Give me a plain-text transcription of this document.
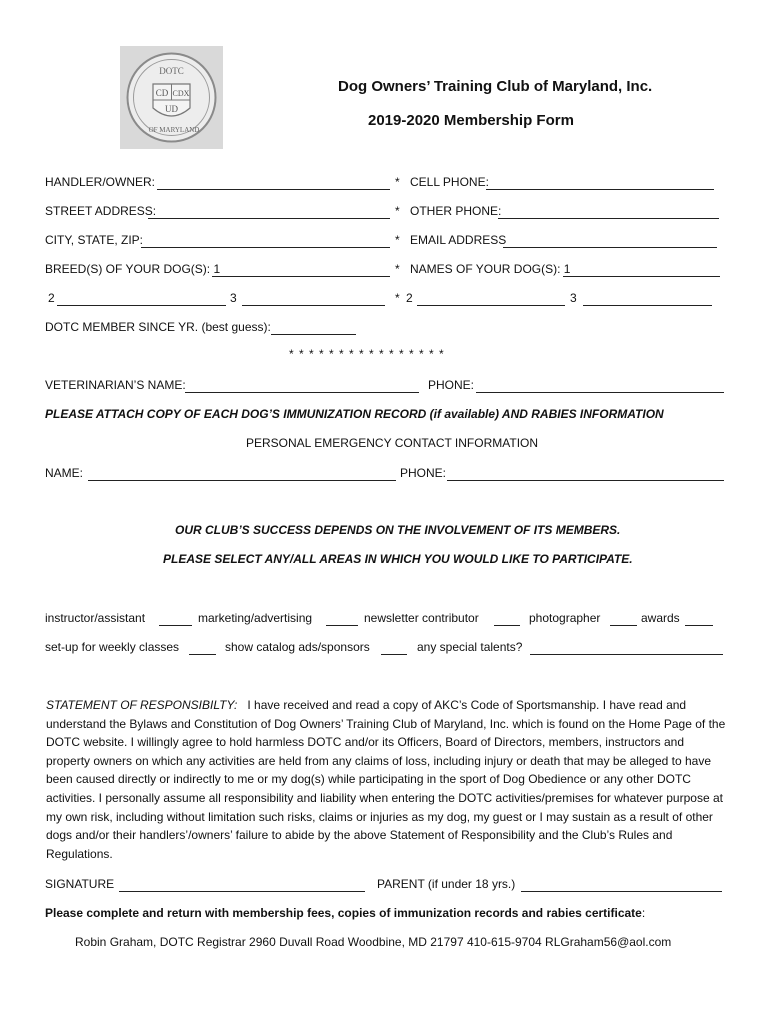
DOTC
CD CDX
UD
OF MARYLAND
Dog Owners’ Training Club of Maryland, Inc.
2019-2020 Membership Form
HANDLER/OWNER:	* CELL PHONE:
STREET ADDRESS:	* OTHER PHONE:
CITY, STATE, ZIP:	* EMAIL ADDRESS
BREED(S) OF YOUR DOG(S): 1	* NAMES OF YOUR DOG(S): 1
2	3	* 2	3
DOTC MEMBER SINCE YR. (best guess):
* * * * * * * * * * * * * * * *
VETERINARIAN’S NAME:	PHONE:
PLEASE ATTACH COPY OF EACH DOG’S IMMUNIZATION RECORD (if available) AND RABIES INFORMATION
PERSONAL EMERGENCY CONTACT INFORMATION
NAME:	PHONE:
OUR CLUB’S SUCCESS DEPENDS ON THE INVOLVEMENT OF ITS MEMBERS.
PLEASE SELECT ANY/ALL AREAS IN WHICH YOU WOULD LIKE TO PARTICIPATE.
instructor/assistant	marketing/advertising	newsletter contributor	photographer	awards
set-up for weekly classes	show catalog ads/sponsors	any special talents?
STATEMENT OF RESPONSIBILTY: I have received and read a copy of AKC’s Code of Sportsmanship. I have read and understand the Bylaws and Constitution of Dog Owners’ Training Club of Maryland, Inc. which is found on the Home Page of the DOTC website. I willingly agree to hold harmless DOTC and/or its Officers, Board of Directors, members, instructors and property owners on which any activities are held from any claims of loss, including injury or death that may be alleged to have been caused directly or indirectly to me or my dog(s) while participating in the sport of Dog Obedience or any other DOTC activities. I personally assume all responsibility and liability when entering the DOTC activities/premises for whatever purpose at my own risk, including without limitation such risks, claims or injuries as my dog, my guest or I may sustain as a result of other dogs and/or their handlers’/owners’ failure to abide by the above Statement of Responsibility and the Club’s Rules and Regulations.
SIGNATURE	PARENT (if under 18 yrs.)
Please complete and return with membership fees, copies of immunization records and rabies certificate:
Robin Graham, DOTC Registrar 2960 Duvall Road Woodbine, MD 21797 410-615-9704 RLGraham56@aol.com
